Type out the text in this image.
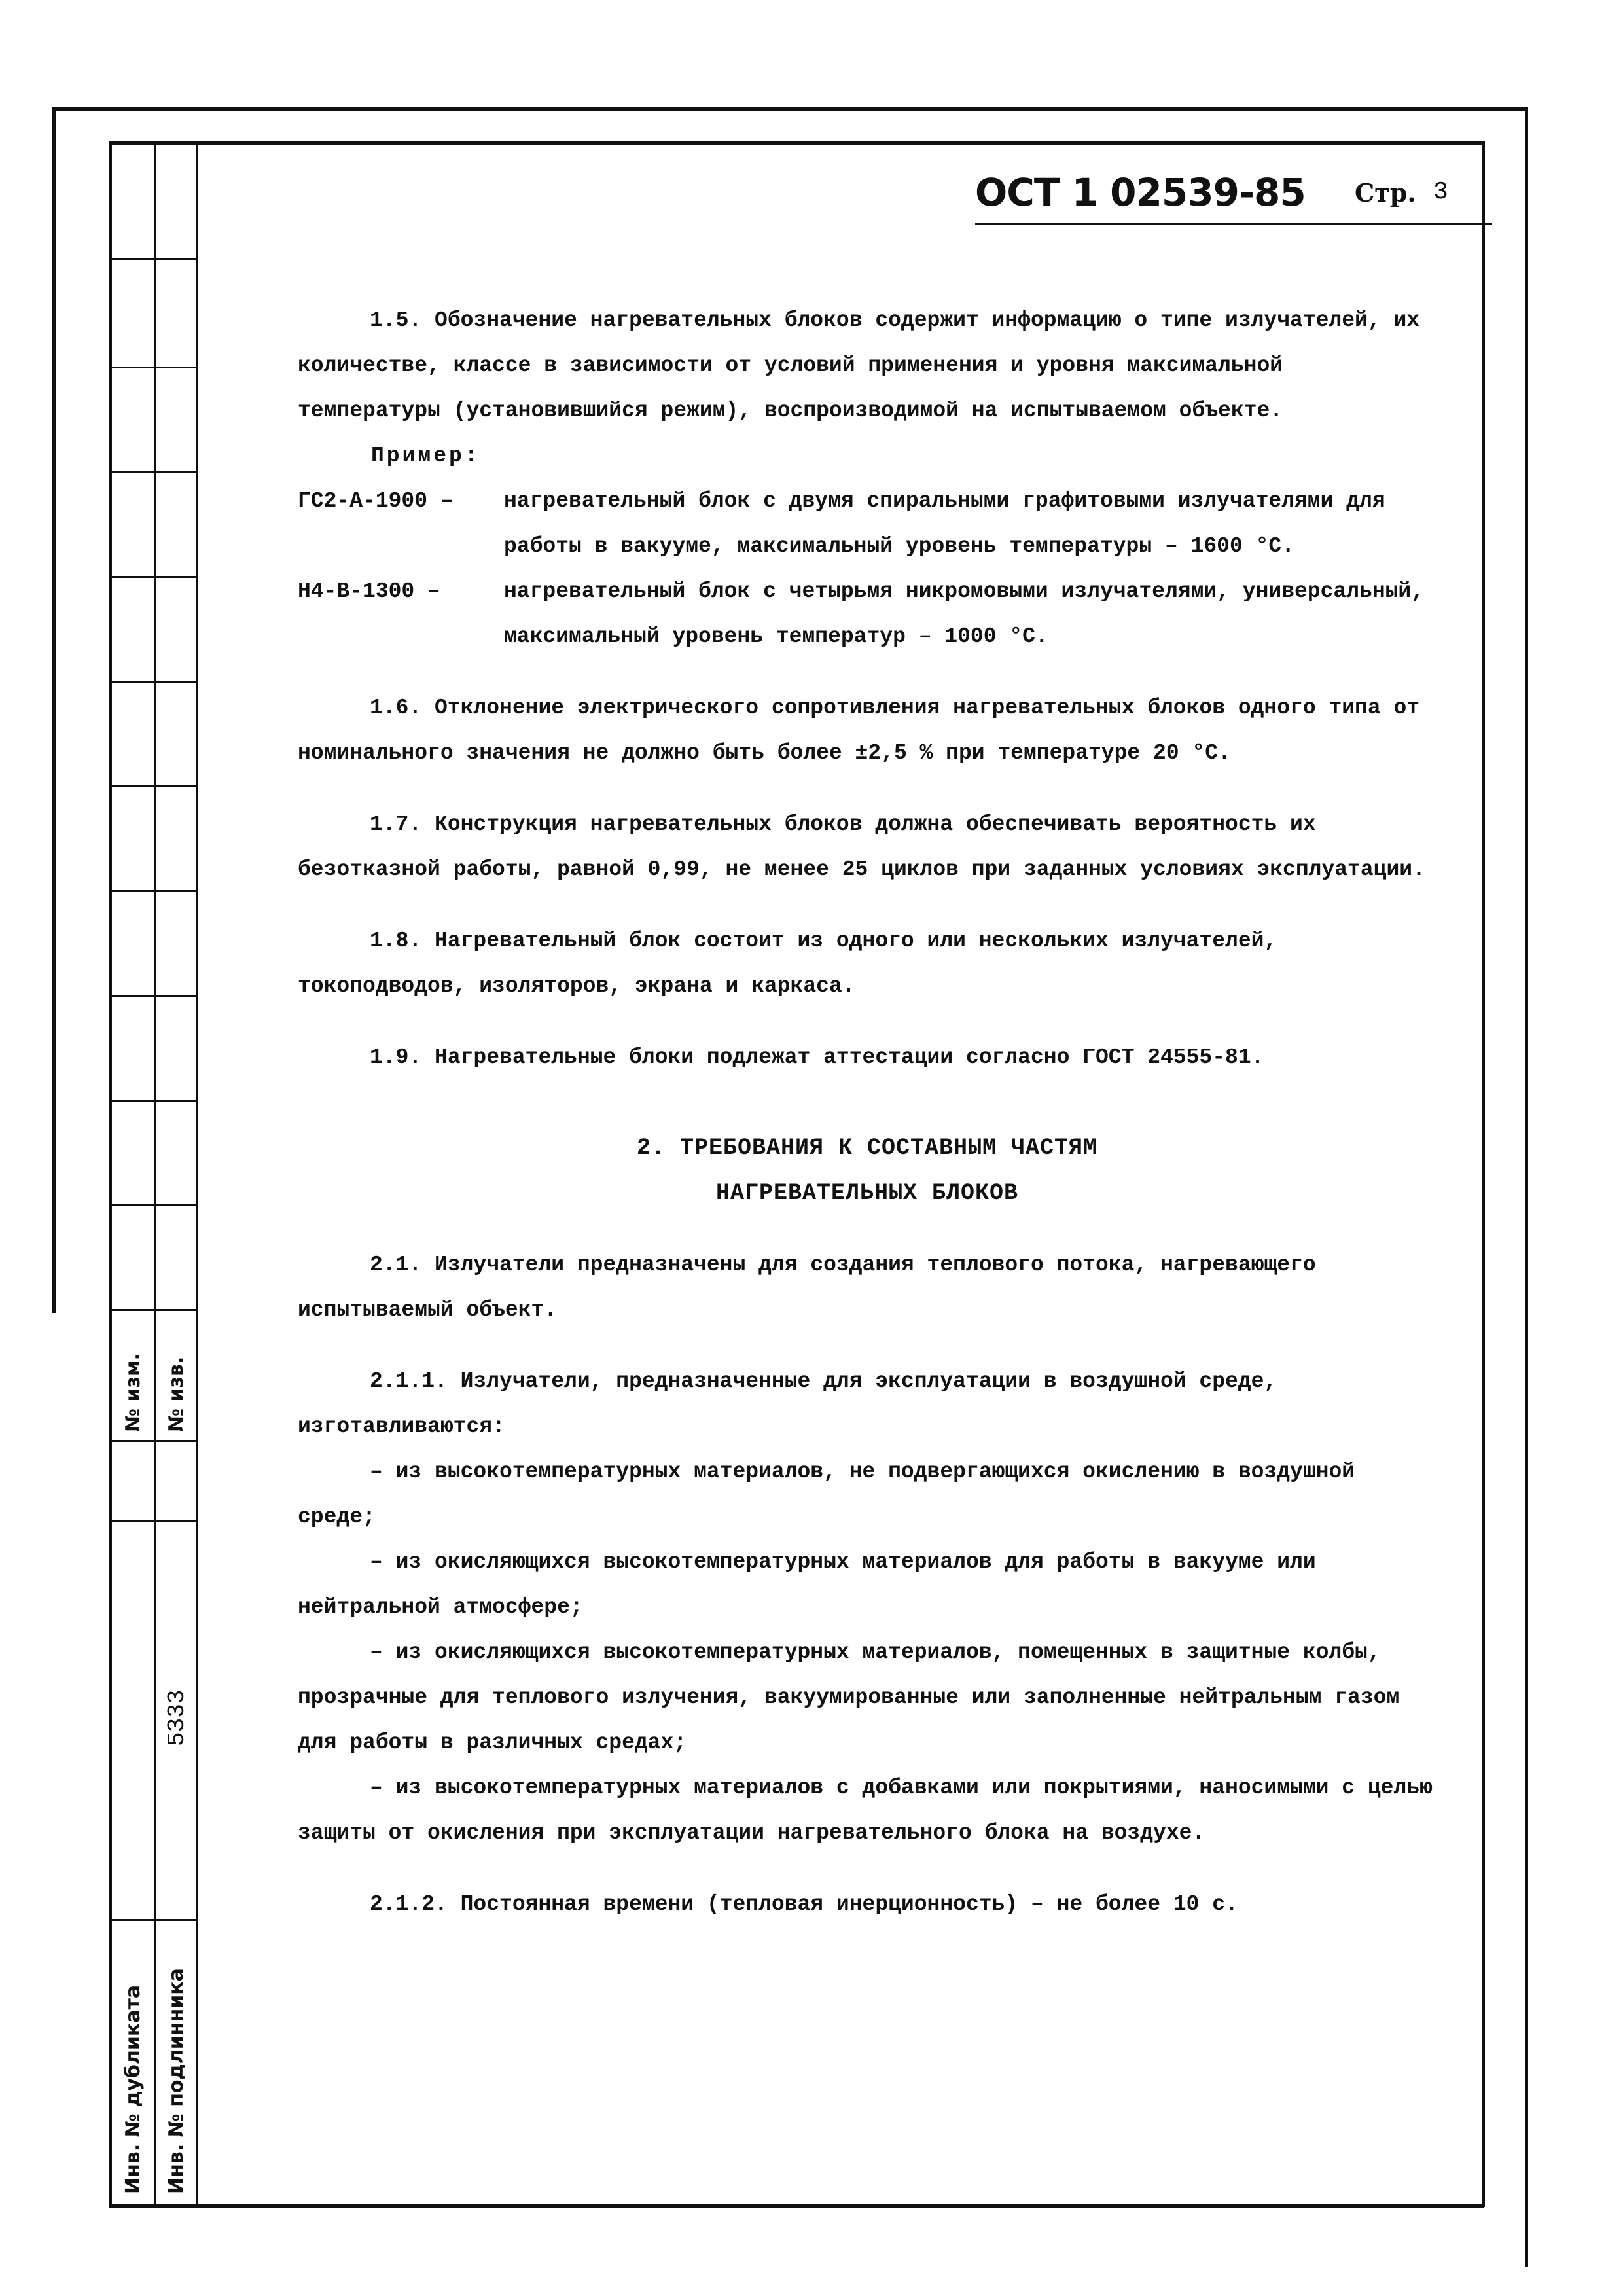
№ изм. № изв.
5333
Инв. № дубликата Инв. № подлинника
ОСТ 1 02539-85 Стр. 3

1.5. Обозначение нагревательных блоков содержит информацию о типе излучателей, их количестве, классе в зависимости от условий применения и уровня максимальной температуры (установившийся режим), воспроизводимой на испытываемом объекте.

Пример:

ГС2-А-1900 –	нагревательный блок с двумя спиральными графитовыми излучателями для работы в вакууме, максимальный уровень температуры – 1600 °С.
Н4-В-1300 –	нагревательный блок с четырьмя никромовыми излучателями, универсальный, максимальный уровень температур – 1000 °С.

1.6. Отклонение электрического сопротивления нагревательных блоков одного типа от номинального значения не должно быть более ±2,5 % при температуре 20 °С.

1.7. Конструкция нагревательных блоков должна обеспечивать вероятность их безотказной работы, равной 0,99, не менее 25 циклов при заданных условиях эксплуатации.

1.8. Нагревательный блок состоит из одного или нескольких излучателей, токоподводов, изоляторов, экрана и каркаса.

1.9. Нагревательные блоки подлежат аттестации согласно ГОСТ 24555-81.

2. ТРЕБОВАНИЯ К СОСТАВНЫМ ЧАСТЯМ

НАГРЕВАТЕЛЬНЫХ БЛОКОВ

2.1. Излучатели предназначены для создания теплового потока, нагревающего испытываемый объект.

2.1.1. Излучатели, предназначенные для эксплуатации в воздушной среде, изготавливаются:

– из высокотемпературных материалов, не подвергающихся окислению в воздушной среде;

– из окисляющихся высокотемпературных материалов для работы в вакууме или нейтральной атмосфере;

– из окисляющихся высокотемпературных материалов, помещенных в защитные колбы, прозрачные для теплового излучения, вакуумированные или заполненные нейтральным газом для работы в различных средах;

– из высокотемпературных материалов с добавками или покрытиями, наносимыми с целью защиты от окисления при эксплуатации нагревательного блока на воздухе.

2.1.2. Постоянная времени (тепловая инерционность) – не более 10 с.
